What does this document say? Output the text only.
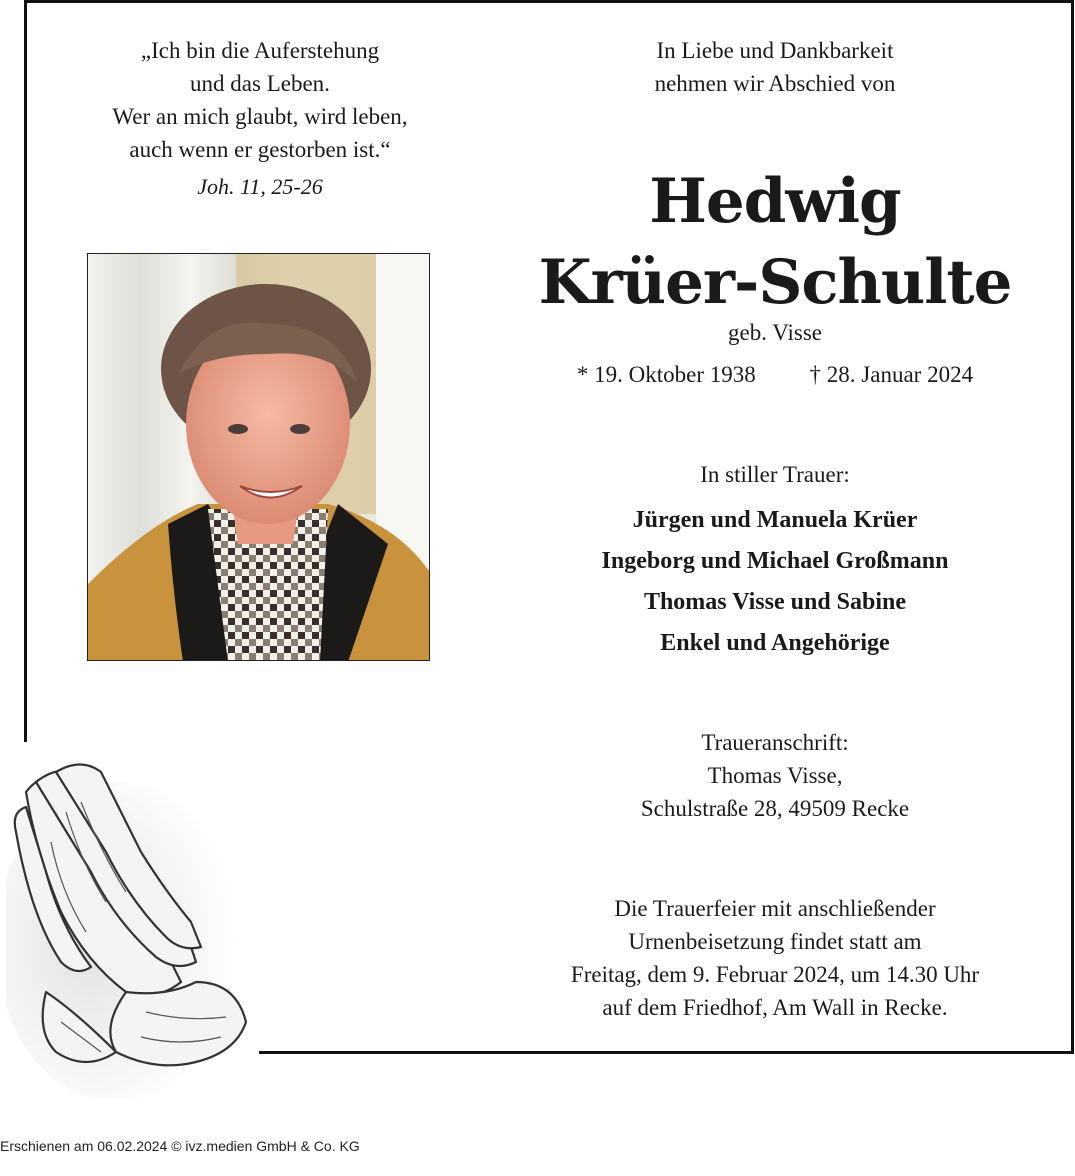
„Ich bin die Auferstehung
und das Leben.
Wer an mich glaubt, wird leben,
auch wenn er gestorben ist.“
Joh. 11, 25-26
In Liebe und Dankbarkeit
nehmen wir Abschied von
Hedwig
Krüer-Schulte
geb. Visse
* 19. Oktober 1938 † 28. Januar 2024
In stiller Trauer:
Jürgen und Manuela Krüer
Ingeborg und Michael Großmann
Thomas Visse und Sabine
Enkel und Angehörige
Traueranschrift:
Thomas Visse,
Schulstraße 28, 49509 Recke
Die Trauerfeier mit anschließender
Urnenbeisetzung findet statt am
Freitag, dem 9. Februar 2024, um 14.30 Uhr
auf dem Friedhof, Am Wall in Recke.
Erschienen am 06.02.2024 © ivz.medien GmbH & Co. KG
